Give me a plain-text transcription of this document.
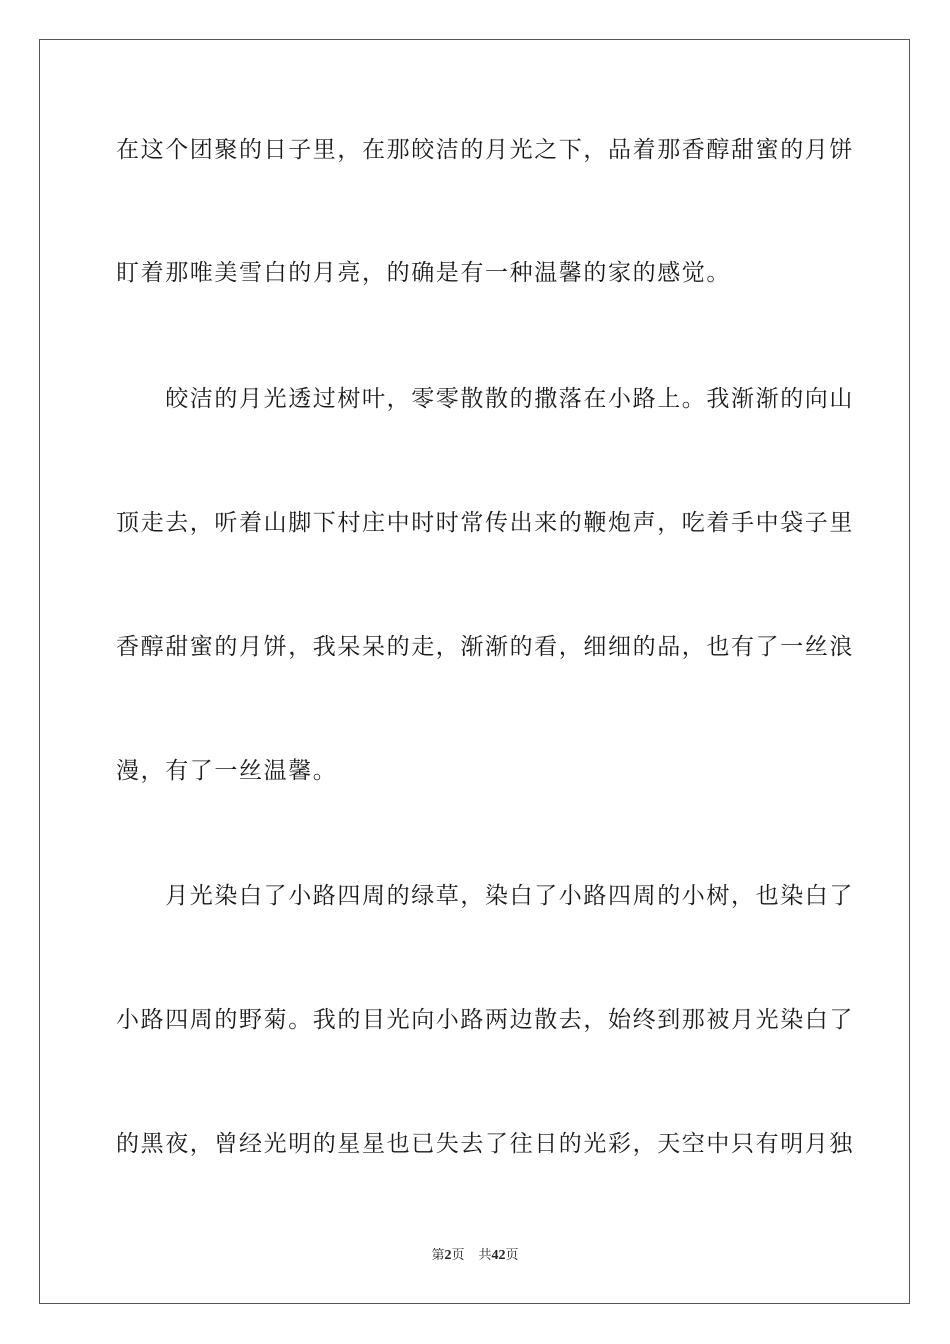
在这个团聚的日子里，在那皎洁的月光之下，品着那香醇甜蜜的月饼
盯着那唯美雪白的月亮，的确是有一种温馨的家的感觉。
　　皎洁的月光透过树叶，零零散散的撒落在小路上。我渐渐的向山
顶走去，听着山脚下村庄中时时常传出来的鞭炮声，吃着手中袋子里
香醇甜蜜的月饼，我呆呆的走，渐渐的看，细细的品，也有了一丝浪
漫，有了一丝温馨。
　　月光染白了小路四周的绿草，染白了小路四周的小树，也染白了
小路四周的野菊。我的目光向小路两边散去，始终到那被月光染白了
的黑夜，曾经光明的星星也已失去了往日的光彩，天空中只有明月独
第2页 共42页
